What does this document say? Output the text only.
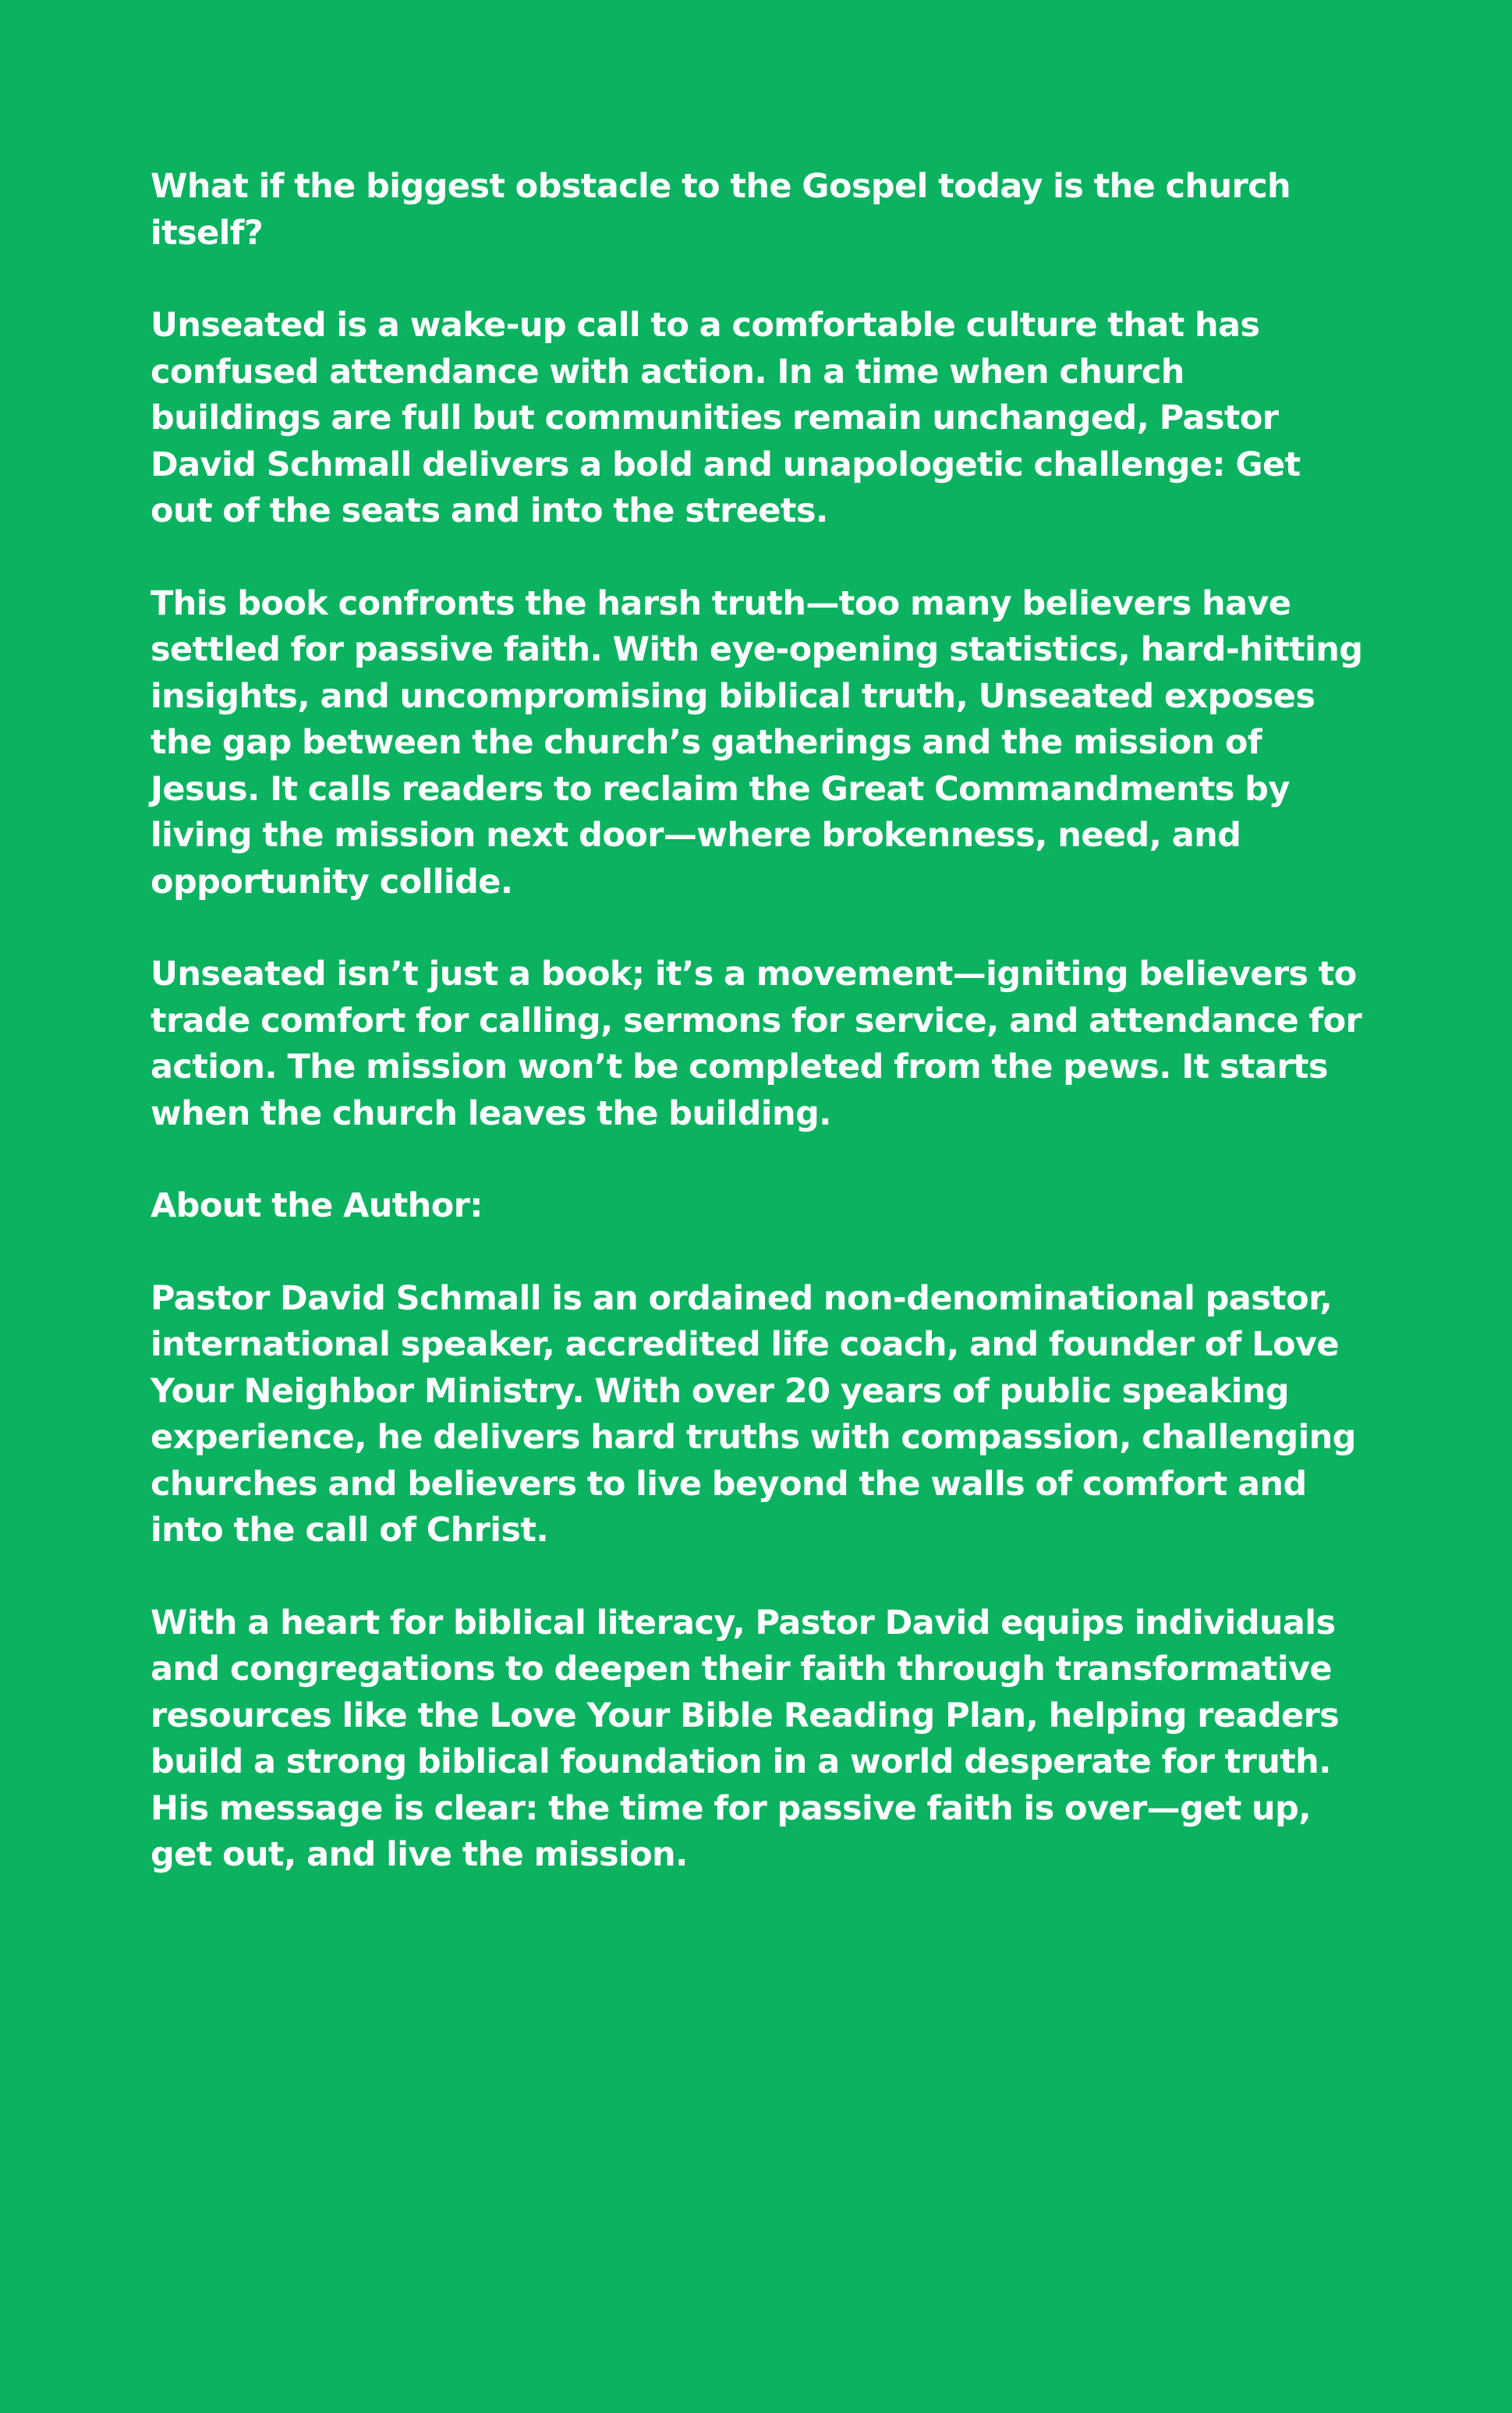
What if the biggest obstacle to the Gospel today is the church itself?

Unseated is a wake-up call to a comfortable culture that has confused attendance with action. In a time when church buildings are full but communities remain unchanged, Pastor David Schmall delivers a bold and unapologetic challenge: Get out of the seats and into the streets.

This book confronts the harsh truth—too many believers have settled for passive faith. With eye-opening statistics, hard-hitting insights, and uncompromising biblical truth, Unseated exposes the gap between the church’s gatherings and the mission of Jesus. It calls readers to reclaim the Great Commandments by living the mission next door—where brokenness, need, and opportunity collide.

Unseated isn’t just a book; it’s a movement—igniting believers to trade comfort for calling, sermons for service, and attendance for action. The mission won’t be completed from the pews. It starts when the church leaves the building.

About the Author:

Pastor David Schmall is an ordained non-denominational pastor, international speaker, accredited life coach, and founder of Love Your Neighbor Ministry. With over 20 years of public speaking experience, he delivers hard truths with compassion, challenging churches and believers to live beyond the walls of comfort and into the call of Christ.

With a heart for biblical literacy, Pastor David equips individuals and congregations to deepen their faith through transformative resources like the Love Your Bible Reading Plan, helping readers build a strong biblical foundation in a world desperate for truth. His message is clear: the time for passive faith is over—get up, get out, and live the mission.
